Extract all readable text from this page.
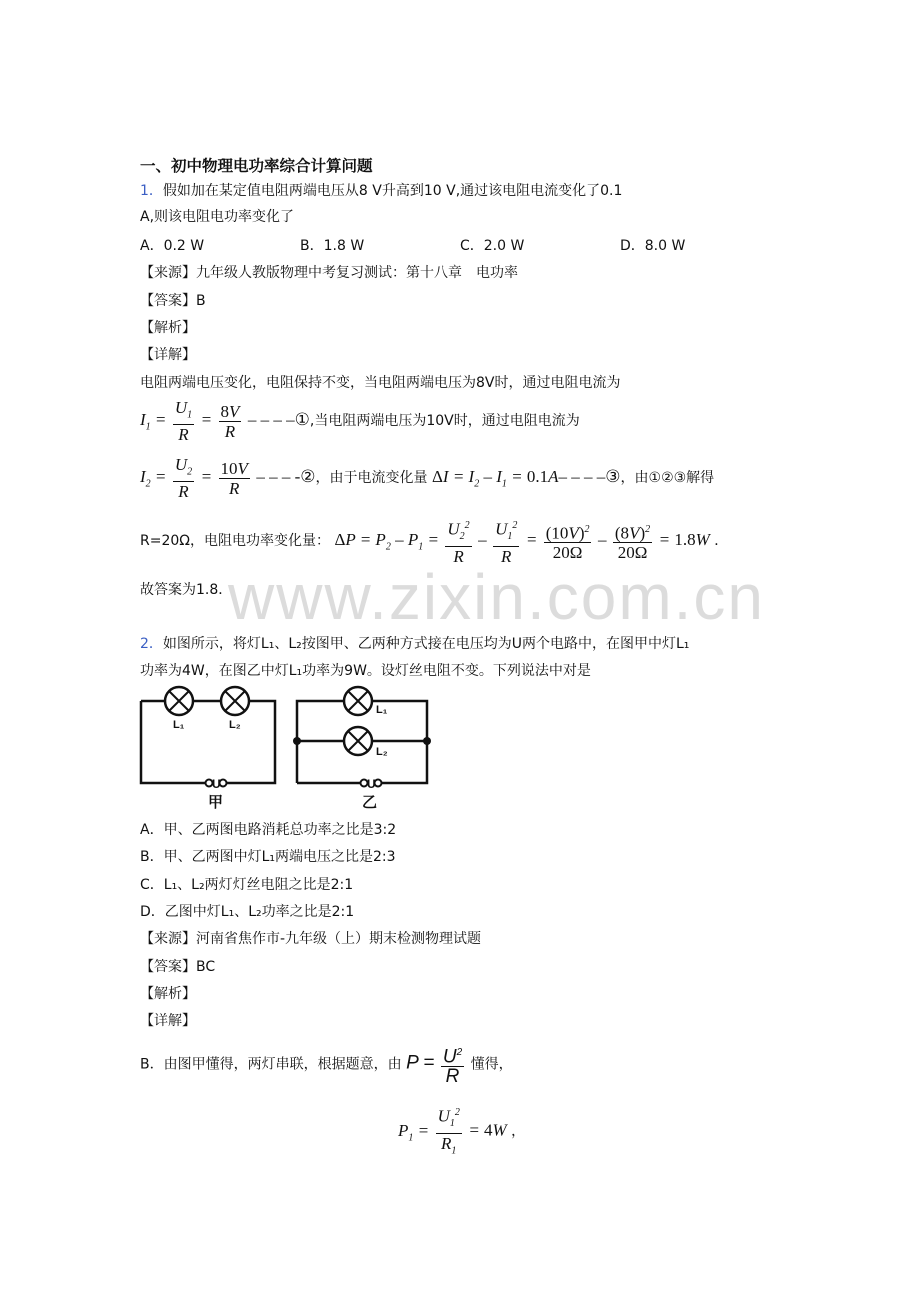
www.zixin.com.cn
一、初中物理电功率综合计算问题
1．假如加在某定值电阻两端电压从8 V升高到10 V,通过该电阻电流变化了0.1
A,则该电阻电功率变化了
A．0.2 W	B．1.8 W	C．2.0 W	D．8.0 W
【来源】九年级人教版物理中考复习测试：第十八章　电功率
【答案】B
【解析】
【详解】
电阻两端电压变化，电阻保持不变，当电阻两端电压为8V时，通过电阻电流为
$I_1 = \frac{U_1}{R} = \frac{8V}{R}$ – – – –①,当电阻两端电压为10V时，通过电阻电流为
$I_2 = \frac{U_2}{R} = \frac{10V}{R}$ – – – -②，由于电流变化量 $\Delta I = I_2 - I_1 = 0.1A-$ – – –③，由①②③解得
R=20Ω，电阻电功率变化量： $\Delta P = P_2 - P_1 = \frac{U_2^2}{R} - \frac{U_1^2}{R} = \frac{(10V)^2}{20\Omega} - \frac{(8V)^2}{20\Omega} = 1.8W$ ．
故答案为1.8．
2．如图所示，将灯L₁、L₂按图甲、乙两种方式接在电压均为U两个电路中，在图甲中灯L₁
功率为4W，在图乙中灯L₁功率为9W。设灯丝电阻不变。下列说法中对是
L₁	L₂
L₁
L₂
U	U
甲	乙
A．甲、乙两图电路消耗总功率之比是3:2
B．甲、乙两图中灯L₁两端电压之比是2:3
C．L₁、L₂两灯灯丝电阻之比是2:1
D．乙图中灯L₁、L₂功率之比是2:1
【来源】河南省焦作市-九年级（上）期末检测物理试题
【答案】BC
【解析】
【详解】
B．由图甲懂得，两灯串联，根据题意，由 $P = \frac{U^2}{R}$ 懂得，
$P_1 = \frac{U_1^2}{R_1} = 4W$ ，
